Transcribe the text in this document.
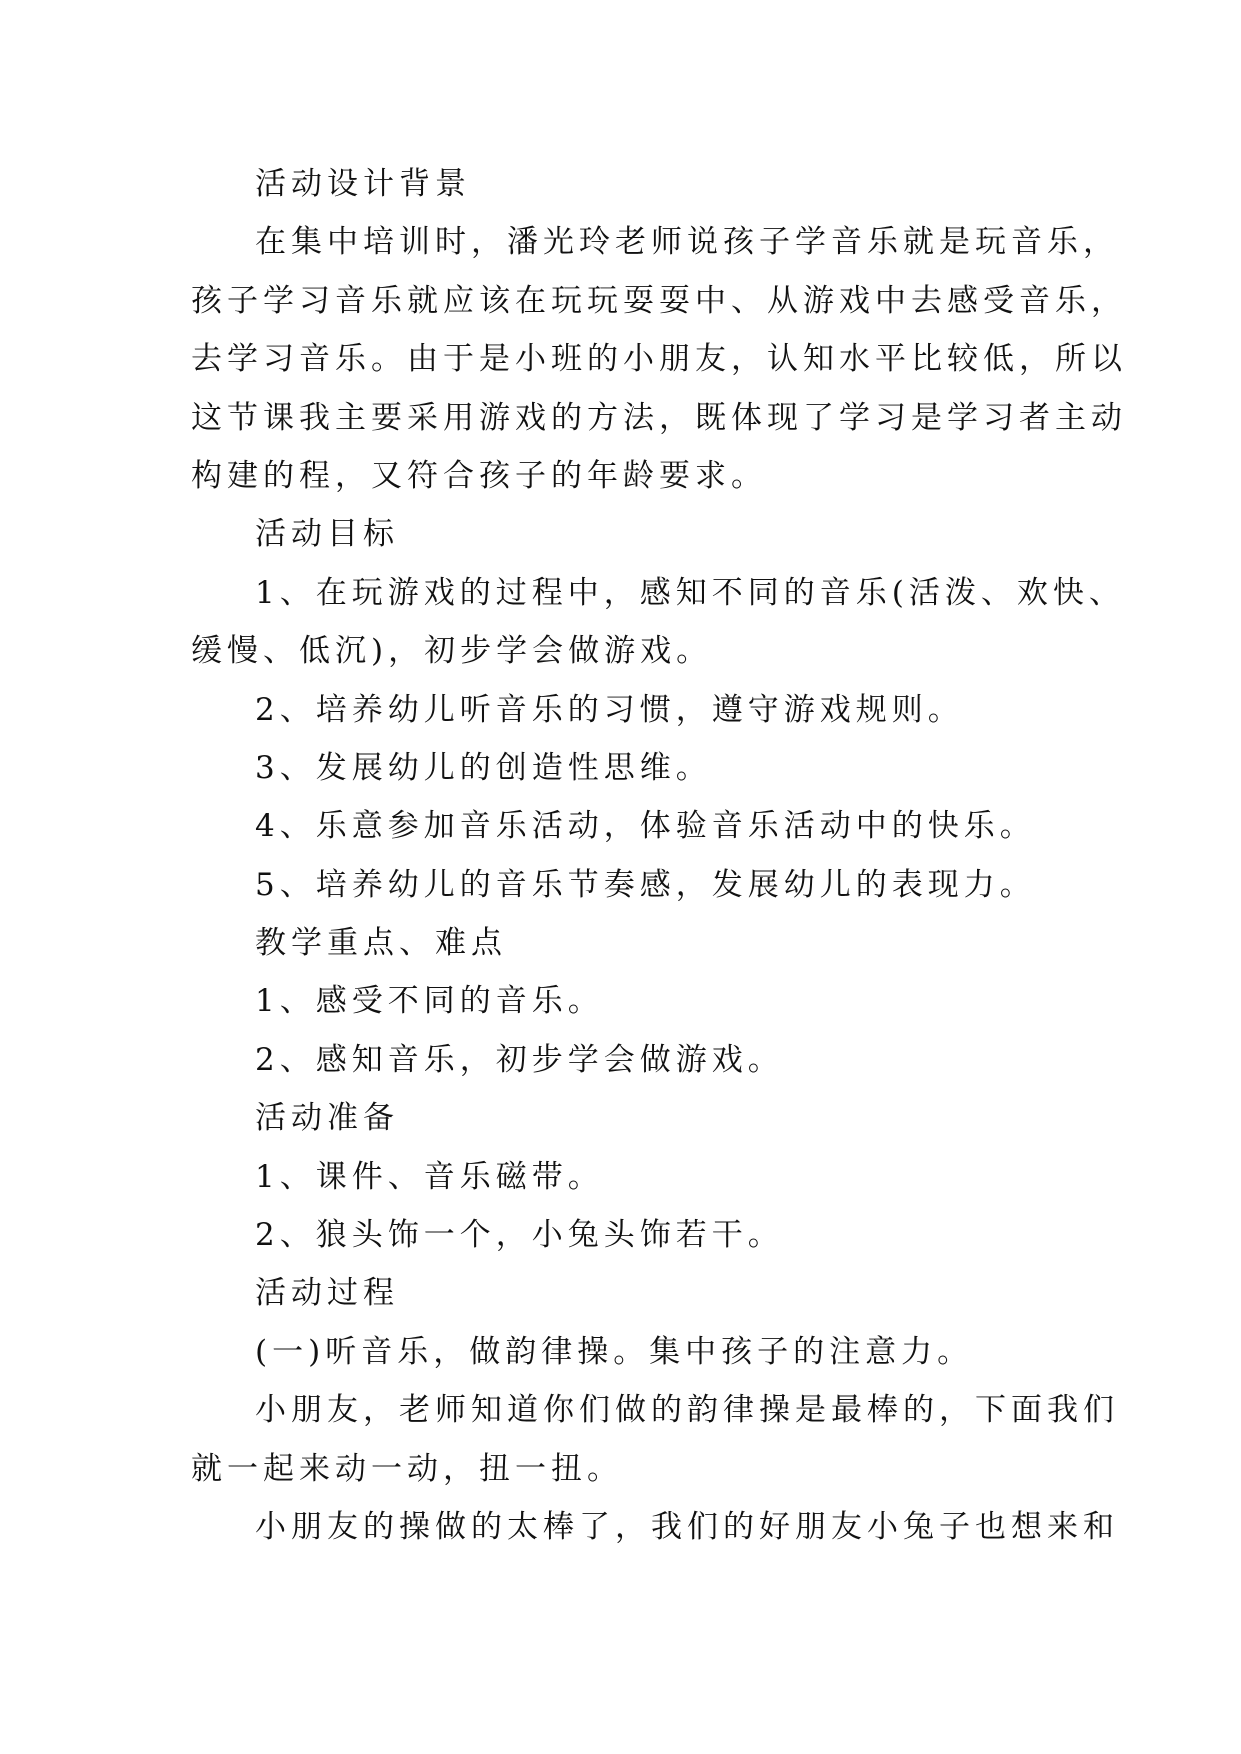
活动设计背景
在集中培训时，潘光玲老师说孩子学音乐就是玩音乐，
孩子学习音乐就应该在玩玩耍耍中、从游戏中去感受音乐，
去学习音乐。由于是小班的小朋友，认知水平比较低，所以
这节课我主要采用游戏的方法，既体现了学习是学习者主动
构建的程，又符合孩子的年龄要求。
活动目标
1、在玩游戏的过程中，感知不同的音乐(活泼、欢快、
缓慢、低沉)，初步学会做游戏。
2、培养幼儿听音乐的习惯，遵守游戏规则。
3、发展幼儿的创造性思维。
4、乐意参加音乐活动，体验音乐活动中的快乐。
5、培养幼儿的音乐节奏感，发展幼儿的表现力。
教学重点、难点
1、感受不同的音乐。
2、感知音乐，初步学会做游戏。
活动准备
1、课件、音乐磁带。
2、狼头饰一个，小兔头饰若干。
活动过程
(一)听音乐，做韵律操。集中孩子的注意力。
小朋友，老师知道你们做的韵律操是最棒的，下面我们
就一起来动一动，扭一扭。
小朋友的操做的太棒了，我们的好朋友小兔子也想来和
